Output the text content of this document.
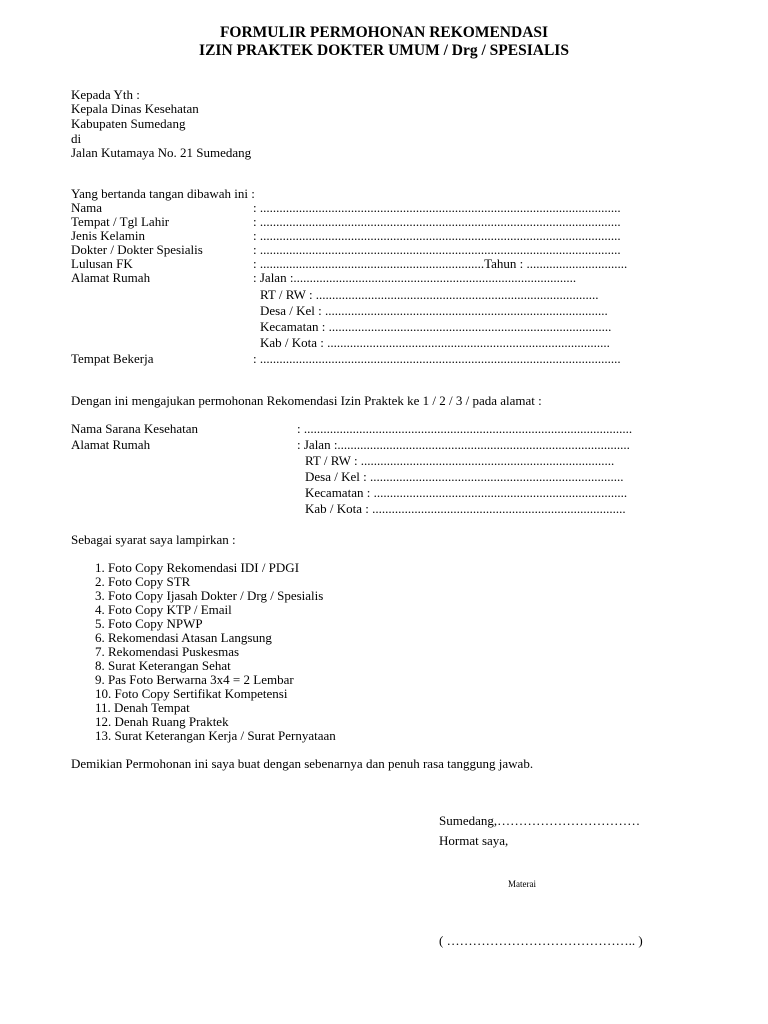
FORMULIR PERMOHONAN REKOMENDASI
IZIN PRAKTEK DOKTER UMUM / Drg / SPESIALIS
Kepada Yth :
Kepala Dinas Kesehatan
Kabupaten Sumedang
di
Jalan Kutamaya No. 21 Sumedang
Yang bertanda tangan dibawah ini :
Nama	: ...............................................................................................................
Tempat / Tgl Lahir	: ...............................................................................................................
Jenis Kelamin	: ...............................................................................................................
Dokter / Dokter Spesialis	: ...............................................................................................................
Lulusan FK	: .....................................................................Tahun : ...............................
Alamat Rumah	: Jalan :.......................................................................................
RT / RW : .......................................................................................
Desa / Kel : .......................................................................................
Kecamatan : .......................................................................................
Kab / Kota : .......................................................................................
Tempat Bekerja	: ...............................................................................................................
Dengan ini mengajukan permohonan Rekomendasi Izin Praktek ke 1 / 2 / 3 / pada alamat :
Nama Sarana Kesehatan	: .....................................................................................................
Alamat Rumah	: Jalan :..........................................................................................
RT / RW : ..............................................................................
Desa / Kel : ..............................................................................
Kecamatan : ..............................................................................
Kab / Kota : ..............................................................................
Sebagai syarat saya lampirkan :
1. Foto Copy Rekomendasi IDI / PDGI
2. Foto Copy STR
3. Foto Copy Ijasah Dokter / Drg / Spesialis
4. Foto Copy KTP / Email
5. Foto Copy NPWP
6. Rekomendasi Atasan Langsung
7. Rekomendasi Puskesmas
8. Surat Keterangan Sehat
9. Pas Foto Berwarna 3x4 = 2 Lembar
10. Foto Copy Sertifikat Kompetensi
11. Denah Tempat
12. Denah Ruang Praktek
13. Surat Keterangan Kerja / Surat Pernyataan
Demikian Permohonan ini saya buat dengan sebenarnya dan penuh rasa tanggung jawab.
Sumedang,……………………………
Hormat saya,
Materai
( …………………………………….. )
